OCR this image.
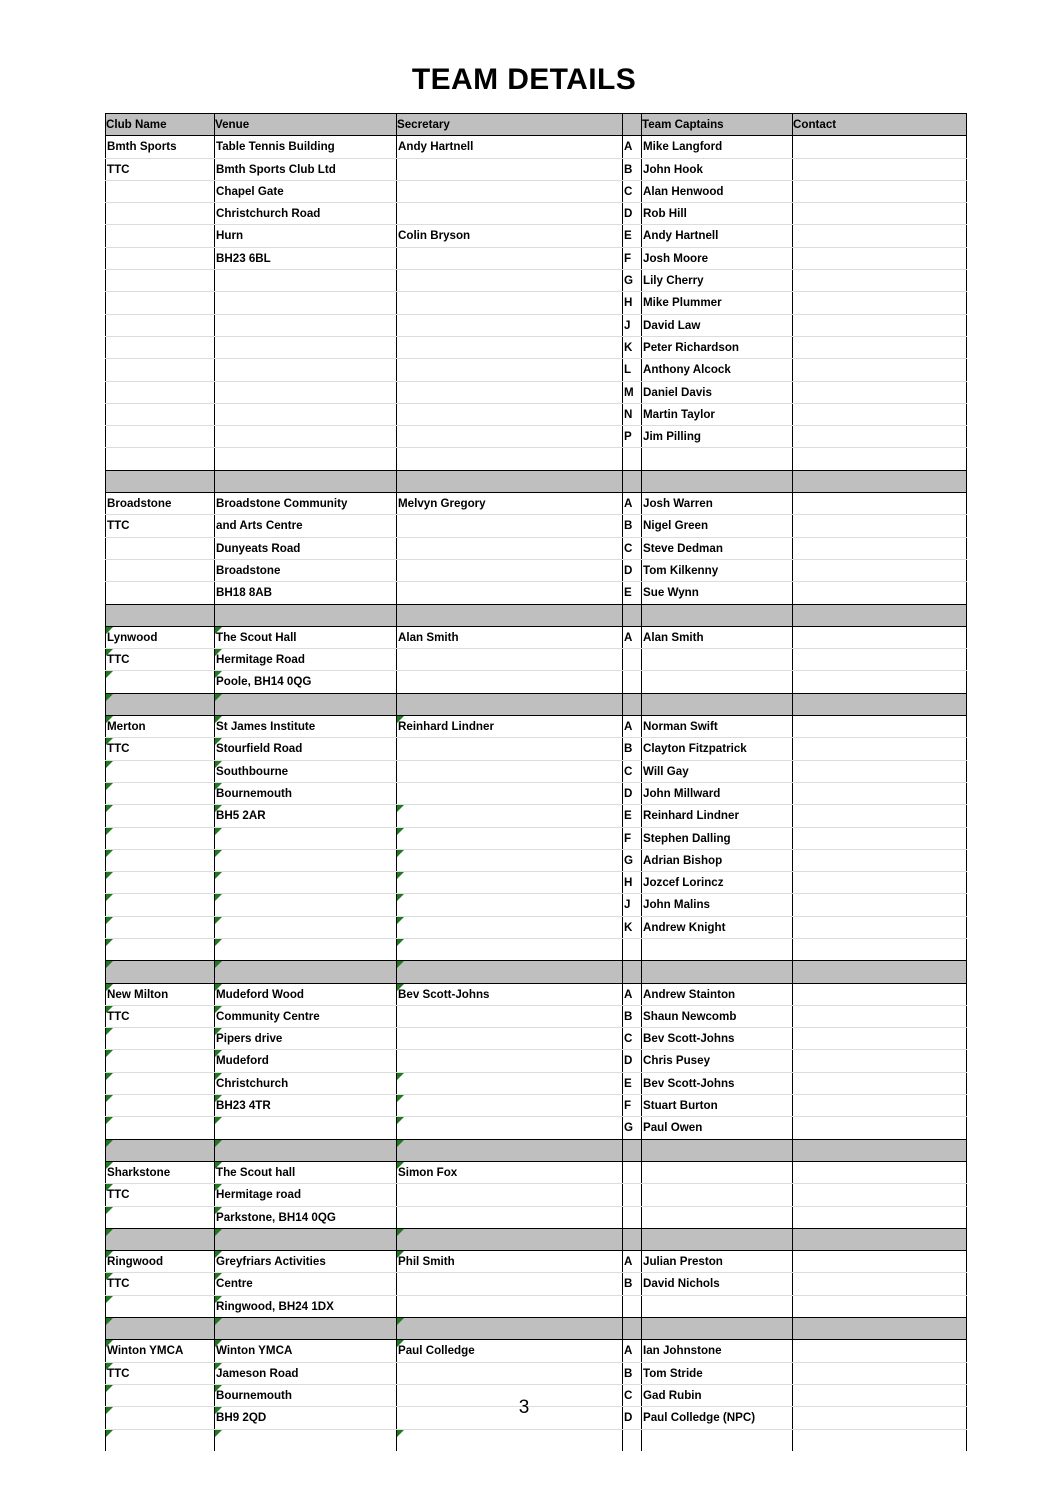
TEAM DETAILS
Club Name	Venue	Secretary		Team Captains	Contact

Bmth Sports	Table Tennis Building	Andy Hartnell	A	Mike Langford	

TTC	Bmth Sports Club Ltd		B	John Hook	

	Chapel Gate		C	Alan Henwood	

	Christchurch Road		D	Rob Hill	

	Hurn	Colin Bryson	E	Andy Hartnell	

	BH23 6BL		F	Josh Moore	

			G	Lily Cherry	

			H	Mike Plummer	

			J	David Law	

			K	Peter Richardson	

			L	Anthony Alcock	

			M	Daniel Davis	

			N	Martin Taylor	

			P	Jim Pilling	

Broadstone	Broadstone Community	Melvyn Gregory	A	Josh Warren	

TTC	and Arts Centre		B	Nigel Green	

	Dunyeats Road		C	Steve Dedman	

	Broadstone		D	Tom Kilkenny	

	BH18 8AB		E	Sue Wynn	

Lynwood	The Scout Hall	Alan Smith	A	Alan Smith	

TTC	Hermitage Road				

	Poole, BH14 0QG				

Merton	St James Institute	Reinhard Lindner	A	Norman Swift	

TTC	Stourfield Road		B	Clayton Fitzpatrick	

	Southbourne		C	Will Gay	

	Bournemouth		D	John Millward	

	BH5 2AR		E	Reinhard Lindner	

			F	Stephen Dalling	

			G	Adrian Bishop	

			H	Jozcef Lorincz	

			J	John Malins	

			K	Andrew Knight	

New Milton	Mudeford Wood	Bev Scott-Johns	A	Andrew Stainton	

TTC	Community Centre		B	Shaun Newcomb	

	Pipers drive		C	Bev Scott-Johns	

	Mudeford		D	Chris Pusey	

	Christchurch		E	Bev Scott-Johns	

	BH23 4TR		F	Stuart Burton	

			G	Paul Owen	

Sharkstone	The Scout hall	Simon Fox			

TTC	Hermitage road				

	Parkstone, BH14 0QG				

Ringwood	Greyfriars Activities	Phil Smith	A	Julian Preston	

TTC	Centre		B	David Nichols	

	Ringwood, BH24 1DX				

Winton YMCA	Winton YMCA	Paul Colledge	A	Ian Johnstone	

TTC	Jameson Road		B	Tom Stride	

	Bournemouth		C	Gad Rubin	

	BH9 2QD		D	Paul Colledge (NPC)	

3
